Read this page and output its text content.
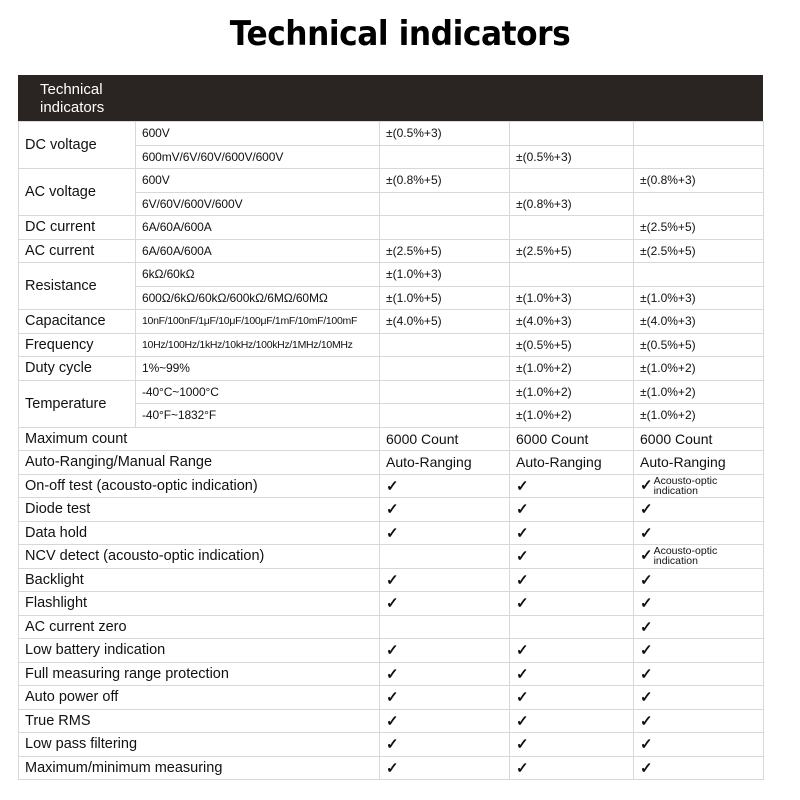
Technical indicators
Technical indicators
DC voltage	600V	±(0.5%+3)		
	600mV/6V/60V/600V/600V		±(0.5%+3)	
AC voltage	600V	±(0.8%+5)		±(0.8%+3)
	6V/60V/600V/600V		±(0.8%+3)	
DC current	6A/60A/600A			±(2.5%+5)
AC current	6A/60A/600A	±(2.5%+5)	±(2.5%+5)	±(2.5%+5)
Resistance	6kΩ/60kΩ	±(1.0%+3)		
	600Ω/6kΩ/60kΩ/600kΩ/6MΩ/60MΩ	±(1.0%+5)	±(1.0%+3)	±(1.0%+3)
Capacitance	10nF/100nF/1μF/10μF/100μF/1mF/10mF/100mF	±(4.0%+5)	±(4.0%+3)	±(4.0%+3)
Frequency	10Hz/100Hz/1kHz/10kHz/100kHz/1MHz/10MHz		±(0.5%+5)	±(0.5%+5)
Duty cycle	1%~99%		±(1.0%+2)	±(1.0%+2)
Temperature	-40°C~1000°C		±(1.0%+2)	±(1.0%+2)
	-40°F~1832°F		±(1.0%+2)	±(1.0%+2)
Maximum count		6000 Count	6000 Count	6000 Count
Auto-Ranging/Manual Range		Auto-Ranging	Auto-Ranging	Auto-Ranging
On-off test (acousto-optic indication)		✓	✓	✓Acousto-optic indication
Diode test		✓	✓	✓
Data hold		✓	✓	✓
NCV detect (acousto-optic indication)			✓	✓Acousto-optic indication
Backlight		✓	✓	✓
Flashlight		✓	✓	✓
AC current zero				✓
Low battery indication		✓	✓	✓
Full measuring range protection		✓	✓	✓
Auto power off		✓	✓	✓
True RMS		✓	✓	✓
Low pass filtering		✓	✓	✓
Maximum/minimum measuring		✓	✓	✓
